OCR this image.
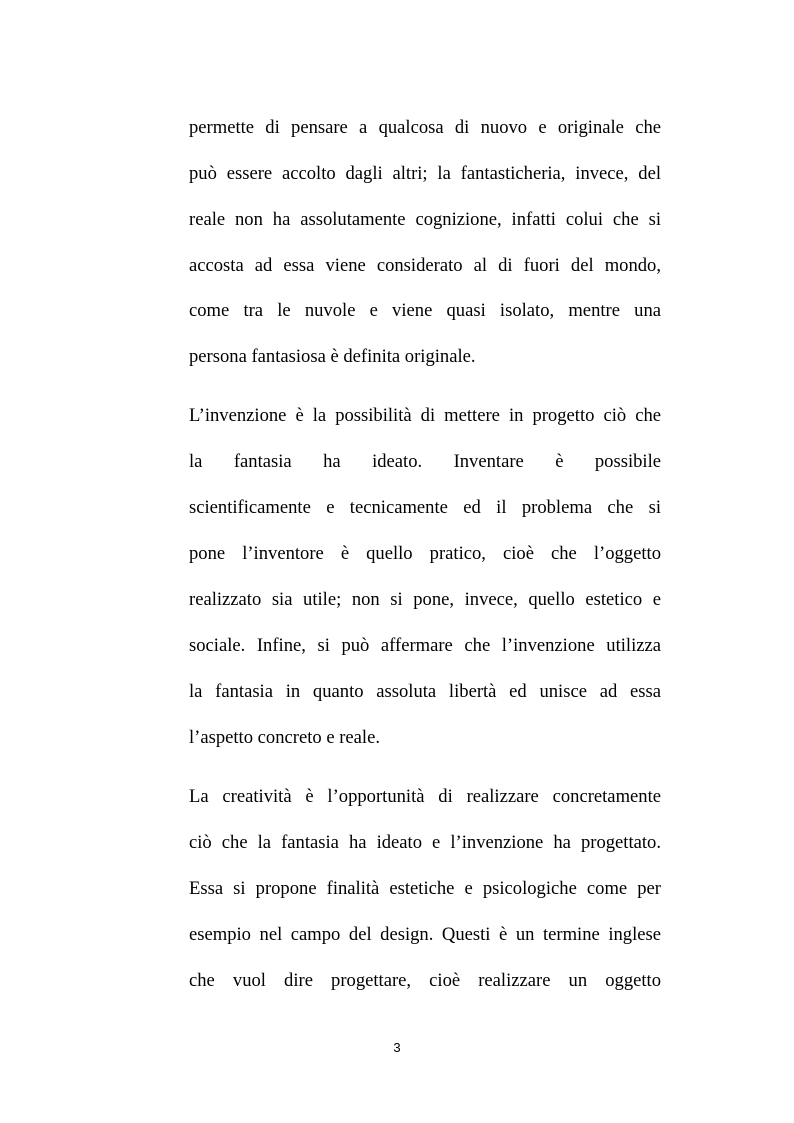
permette di pensare a qualcosa di nuovo e originale che
può essere accolto dagli altri; la fantasticheria, invece, del
reale non ha assolutamente cognizione, infatti colui che si
accosta ad essa viene considerato al di fuori del mondo,
come tra le nuvole e viene quasi isolato, mentre una
persona fantasiosa è definita originale.
L’invenzione è la possibilità di mettere in progetto ciò che
la fantasia ha ideato. Inventare è possibile
scientificamente e tecnicamente ed il problema che si
pone l’inventore è quello pratico, cioè che l’oggetto
realizzato sia utile; non si pone, invece, quello estetico e
sociale. Infine, si può affermare che l’invenzione utilizza
la fantasia in quanto assoluta libertà ed unisce ad essa
l’aspetto concreto e reale.
La creatività è l’opportunità di realizzare concretamente
ciò che la fantasia ha ideato e l’invenzione ha progettato.
Essa si propone finalità estetiche e psicologiche come per
esempio nel campo del design. Questi è un termine inglese
che vuol dire progettare, cioè realizzare un oggetto
3
